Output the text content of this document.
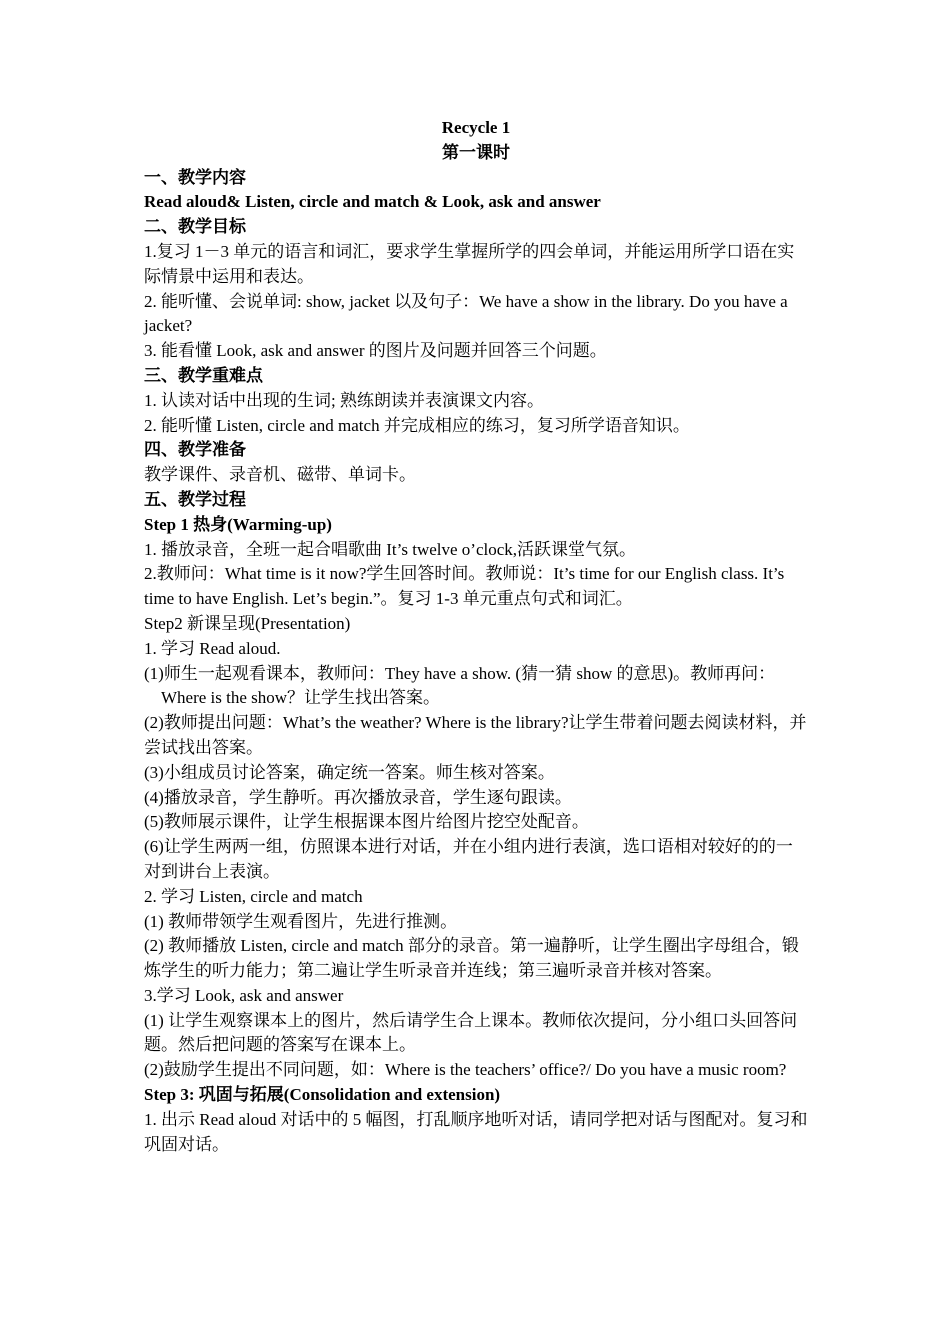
Recycle 1

第一课时

一、教学内容

Read aloud& Listen, circle and match & Look, ask and answer

二、教学目标

1.复习 1－3 单元的语言和词汇，要求学生掌握所学的四会单词，并能运用所学口语在实际情景中运用和表达。

2. 能听懂、会说单词: show, jacket 以及句子：We have a show in the library. Do you have a jacket?

3. 能看懂 Look, ask and answer 的图片及问题并回答三个问题。

三、教学重难点

1. 认读对话中出现的生词; 熟练朗读并表演课文内容。

2. 能听懂 Listen, circle and match 并完成相应的练习，复习所学语音知识。

四、教学准备

教学课件、录音机、磁带、单词卡。

五、教学过程

Step 1 热身(Warming-up)

1. 播放录音，全班一起合唱歌曲 It’s twelve o’clock,活跃课堂气氛。

2.教师问：What time is it now?学生回答时间。教师说：It’s time for our English class. It’s time to have English. Let’s begin.”。复习 1-3 单元重点句式和词汇。

Step2 新课呈现(Presentation)

1. 学习 Read aloud.

(1)师生一起观看课本，教师问：They have a show. (猜一猜 show 的意思)。教师再问：Where is the show？让学生找出答案。

(2)教师提出问题：What’s the weather? Where is the library?让学生带着问题去阅读材料，并尝试找出答案。

(3)小组成员讨论答案，确定统一答案。师生核对答案。

(4)播放录音，学生静听。再次播放录音，学生逐句跟读。

(5)教师展示课件，让学生根据课本图片给图片挖空处配音。

(6)让学生两两一组，仿照课本进行对话，并在小组内进行表演，选口语相对较好的的一对到讲台上表演。

2. 学习 Listen, circle and match

(1) 教师带领学生观看图片，先进行推测。

(2) 教师播放 Listen, circle and match 部分的录音。第一遍静听，让学生圈出字母组合，锻炼学生的听力能力；第二遍让学生听录音并连线；第三遍听录音并核对答案。

3.学习 Look, ask and answer

(1) 让学生观察课本上的图片，然后请学生合上课本。教师依次提问，分小组口头回答问题。然后把问题的答案写在课本上。

(2)鼓励学生提出不同问题，如：Where is the teachers’ office?/ Do you have a music room?

Step 3: 巩固与拓展(Consolidation and extension)

1. 出示 Read aloud 对话中的 5 幅图，打乱顺序地听对话，请同学把对话与图配对。复习和巩固对话。
